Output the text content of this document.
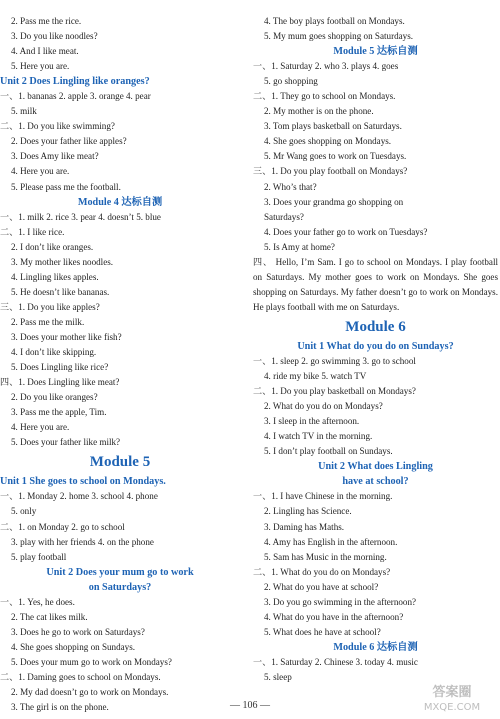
2. Pass me the rice.
3. Do you like noodles?
4. And I like meat.
5. Here you are.
Unit 2 Does Lingling like oranges?
一、1. bananas 2. apple 3. orange 4. pear
5. milk
二、1. Do you like swimming?
2. Does your father like apples?
3. Does Amy like meat?
4. Here you are.
5. Please pass me the football.
Module 4 达标自测
一、1. milk 2. rice 3. pear 4. doesn’t 5. blue
二、1. I like rice.
2. I don’t like oranges.
3. My mother likes noodles.
4. Lingling likes apples.
5. He doesn’t like bananas.
三、1. Do you like apples?
2. Pass me the milk.
3. Does your mother like fish?
4. I don’t like skipping.
5. Does Lingling like rice?
四、1. Does Lingling like meat?
2. Do you like oranges?
3. Pass me the apple, Tim.
4. Here you are.
5. Does your father like milk?
Module 5
Unit 1 She goes to school on Mondays.
一、1. Monday 2. home 3. school 4. phone
5. only
二、1. on Monday 2. go to school
3. play with her friends 4. on the phone
5. play football
Unit 2 Does your mum go to work
on Saturdays?
一、1. Yes, he does.
2. The cat likes milk.
3. Does he go to work on Saturdays?
4. She goes shopping on Sundays.
5. Does your mum go to work on Mondays?
二、1. Daming goes to school on Mondays.
2. My dad doesn’t go to work on Mondays.
3. The girl is on the phone.
4. The boy plays football on Mondays.
5. My mum goes shopping on Saturdays.
Module 5 达标自测
一、1. Saturday 2. who 3. plays 4. goes
5. go shopping
二、1. They go to school on Mondays.
2. My mother is on the phone.
3. Tom plays basketball on Saturdays.
4. She goes shopping on Mondays.
5. Mr Wang goes to work on Tuesdays.
三、1. Do you play football on Mondays?
2. Who’s that?
3. Does your grandma go shopping on
Saturdays?
4. Does your father go to work on Tuesdays?
5. Is Amy at home?
四、 Hello, I’m Sam. I go to school on Mondays. I play football on Saturdays. My mother goes to work on Mondays. She goes shopping on Saturdays. My father doesn’t go to work on Mondays. He plays football with me on Saturdays.
Module 6
Unit 1 What do you do on Sundays?
一、1. sleep 2. go swimming 3. go to school
4. ride my bike 5. watch TV
二、1. Do you play basketball on Mondays?
2. What do you do on Mondays?
3. I sleep in the afternoon.
4. I watch TV in the morning.
5. I don’t play football on Sundays.
Unit 2 What does Lingling
have at school?
一、1. I have Chinese in the morning.
2. Lingling has Science.
3. Daming has Maths.
4. Amy has English in the afternoon.
5. Sam has Music in the morning.
二、1. What do you do on Mondays?
2. What do you have at school?
3. Do you go swimming in the afternoon?
4. What do you have in the afternoon?
5. What does he have at school?
Module 6 达标自测
一、1. Saturday 2. Chinese 3. today 4. music
5. sleep
— 106 —
答案圈
MXQE.COM
